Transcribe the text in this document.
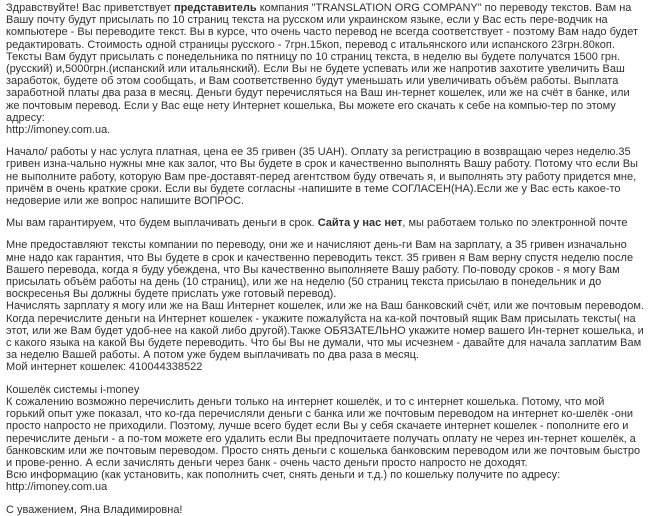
Здравствуйте! Вас приветствует представитель компания "TRANSLATION ORG COMPANY" по переводу текстов. Вам на Вашу почту будут присылать по 10 страниц текста на русском или украинском языке, если у Вас есть пере-водчик на компьютере - Вы переводите текст. Вы в курсе, что очень часто перевод не всегда соответствует - поэтому Вам надо будет редактировать. Стоимость одной страницы русского - 7грн.15коп, перевод с итальянского или испанского 23грн.80коп. Тексты Вам будут присылать с понедельника по пятницу по 10 страниц текста, в неделю вы будете получатся 1500 грн.(русский) и,5000грн.(испанский или итальянский). Если Вы не будете успевать или же напротив захотите увеличить Ваш заработок, будете об этом сообщать, и Вам соответственно будут уменьшать или увеличивать объём работы. Выплата заработной платы два раза в месяц. Деньги будут перечисляться на Ваш ин-тернет кошелек, или же на счёт в банке, или же почтовым перевод. Если у Вас еще нету Интернет кошелька, Вы можете его скачать к себе на компью-тер по этому адресу:
http://imoney.com.ua.

Начало/ работы у нас услуга платная, цена ее 35 гривен (35 UAH). Оплату за регистрацию в возвращаю через неделю.35 гривен изна-чально нужны мне как залог, что Вы будете в срок и качественно выполнять Вашу работу. Потому что если Вы не выполните работу, которую Вам пре-доставят-перед агентством буду отвечать я, и выполнять эту работу придется мне, причём в очень краткие сроки. Если вы будете согласны -напишите в теме СОГЛАСЕН(НА).Если же у Вас есть какое-то недоверие или же вопрос напишите ВОПРОС.

Мы вам гарантируем, что будем выплачивать деньги в срок. Сайта у нас нет, мы работаем только по электронной почте

Мне предоставляют тексты компании по переводу, они же и начисляют день-ги Вам на зарплату, а 35 гривен изначально мне надо как гарантия, что Вы будете в срок и качественно переводить текст. 35 гривен я Вам верну спустя неделю после Вашего перевода, когда я буду убеждена, что Вы качественно выполняете Вашу работу. По-поводу сроков - я могу Вам присылать объём работы на день (10 страниц), или же на неделю (50 страниц текста присылаю в понедельник и до воскресенья Вы должны будете прислать уже готовый перевод).
Начислять зарплату я могу или же на Ваш Интернет кошелек, или же на Ваш банковский счёт, или же почтовым переводом.
Когда перечислите деньги на Интернет кошелек - укажите пожалуйста на ка-кой почтовый ящик Вам присылать тексты( на этот, или же Вам будет удоб-нее на какой либо другой).Также ОБЯЗАТЕЛЬНО укажите номер вашего Ин-тернет кошелька, и с какого языка на какой Вы будете переводить. Что бы Вы не думали, что мы исчезнем - давайте для начала заплатим Вам за неделю Вашей работы. А потом уже будем выплачивать по два раза в месяц.
Мой интернет кошелек: 410044338522

Кошелёк системы i-money
К сожалению возможно перечислить деньги только на интернет кошелёк, и то с интернет кошелька. Потому, что мой горький опыт уже показал, что ко-гда перечисляли деньги с банка или же почтовым переводом на интернет ко-шелёк -они просто напросто не приходили. Поэтому, лучше всего будет если Вы у себя скачаете интернет кошелек - пополните его и перечислите деньги - а по-том можете его удалить если Вы предпочитаете получать оплату не через ин-тернет кошелёк, а банковским или же почтовым переводом. Просто снять деньги с кошелька банковским переводом или же почтовым быстро и прове-ренно. А если зачислять деньги через банк - очень часто деньги просто напросто не доходят.
Всю информацию (как установить, как пополнить счет, снять деньги и т.д.) по кошельку получите по адресу:
http://imoney.com.ua

С уважением, Яна Владимировна!
